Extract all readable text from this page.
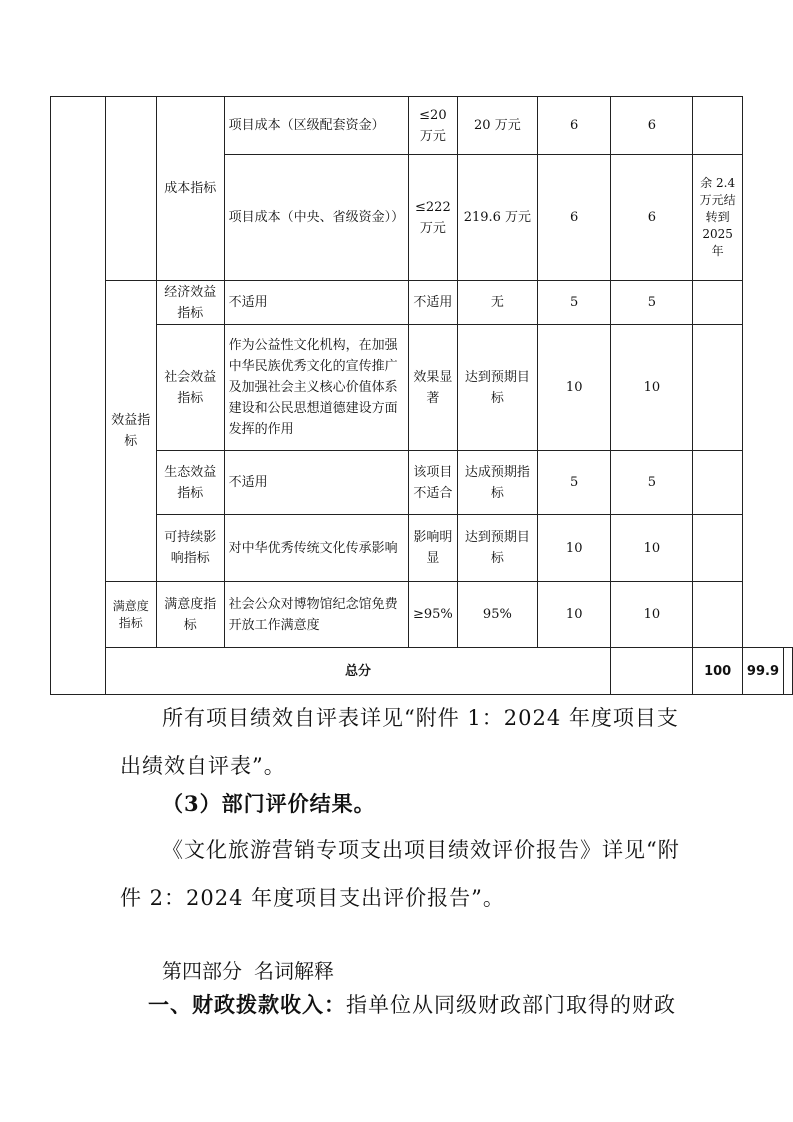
		成本指标	项目成本（区级配套资金）	≤20万元	20 万元	6	6			
			项目成本（中央、省级资金））	≤222万元	219.6 万元	6	6	余 2.4万元结转到2025年		
	效益指标	经济效益指标	不适用	不适用	无	5	5			
		社会效益指标	作为公益性文化机构，在加强中华民族优秀文化的宣传推广及加强社会主义核心价值体系建设和公民思想道德建设方面发挥的作用	效果显著	达到预期目标	10	10			
		生态效益指标	不适用	该项目不适合	达成预期指标	5	5			
		可持续影响指标	对中华优秀传统文化传承影响	影响明显	达到预期目标	10	10			
	满意度指标	满意度指标	社会公众对博物馆纪念馆免费开放工作满意度	≥95%	95%	10	10			
	总分							100	99.9	

所有项目绩效自评表详见“附件 1：2024 年度项目支出绩效自评表”。

（3）部门评价结果。

《文化旅游营销专项支出项目绩效评价报告》详见“附件 2：2024 年度项目支出评价报告”。

第四部分 名词解释

一、财政拨款收入：指单位从同级财政部门取得的财政
